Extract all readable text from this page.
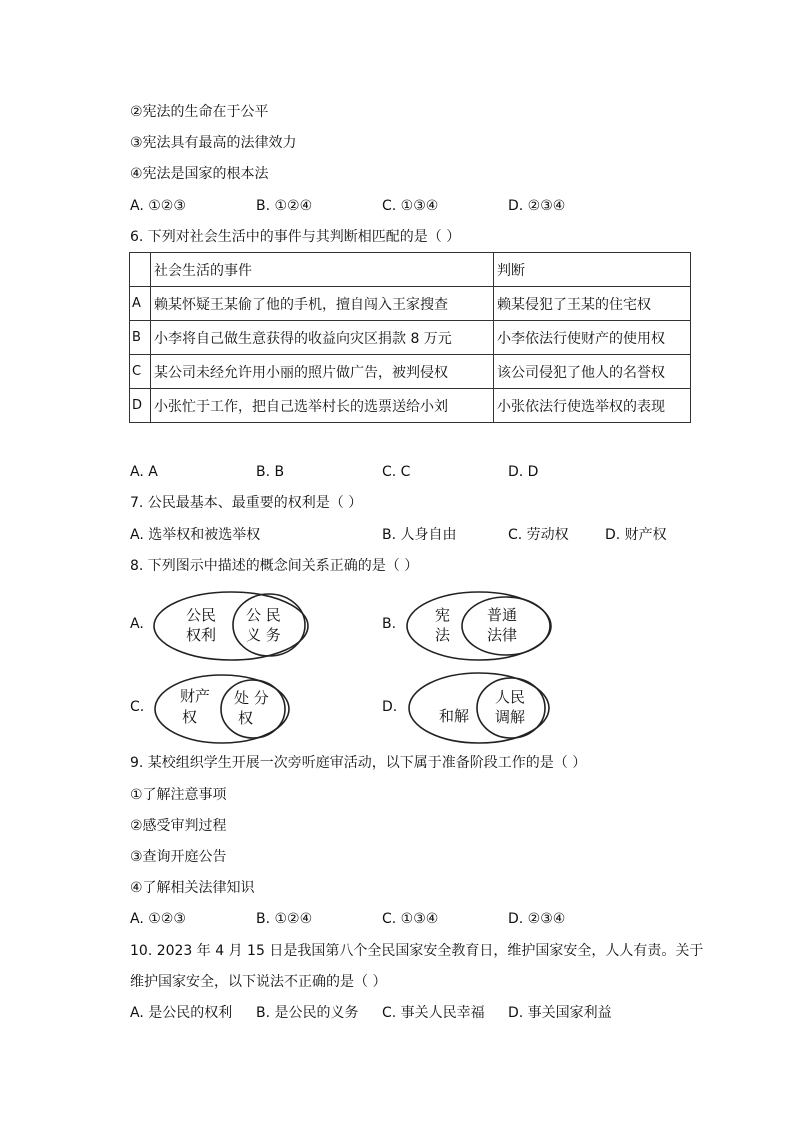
②宪法的生命在于公平
③宪法具有最高的法律效力
④宪法是国家的根本法
A. ①②③	B. ①②④	C. ①③④	D. ②③④
6. 下列对社会生活中的事件与其判断相匹配的是（ ）
	社会生活的事件	判断
A	赖某怀疑王某偷了他的手机，擅自闯入王家搜查	赖某侵犯了王某的住宅权
B	小李将自己做生意获得的收益向灾区捐款 8 万元	小李依法行使财产的使用权
C	某公司未经允许用小丽的照片做广告，被判侵权	该公司侵犯了他人的名誉权
D	小张忙于工作，把自己选举村长的选票送给小刘	小张依法行使选举权的表现
A. A	B. B	C. C	D. D
7. 公民最基本、最重要的权利是（ ）
A. 选举权和被选举权	B. 人身自由	C. 劳动权	D. 财产权
8. 下列图示中描述的概念间关系正确的是（ ）
A.	公民
权利
公 民
义 务
B.	宪
法
普通
法律
C.
财产
权
处 分
权
D.	和解
人民
调解
9. 某校组织学生开展一次旁听庭审活动，以下属于准备阶段工作的是（ ）
①了解注意事项
②感受审判过程
③查询开庭公告
④了解相关法律知识
A. ①②③	B. ①②④	C. ①③④	D. ②③④
10. 2023 年 4 月 15 日是我国第八个全民国家安全教育日，维护国家安全，人人有责。关于
维护国家安全，以下说法不正确的是（ ）
A. 是公民的权利 B. 是公民的义务 C. 事关人民幸福 D. 事关国家利益
